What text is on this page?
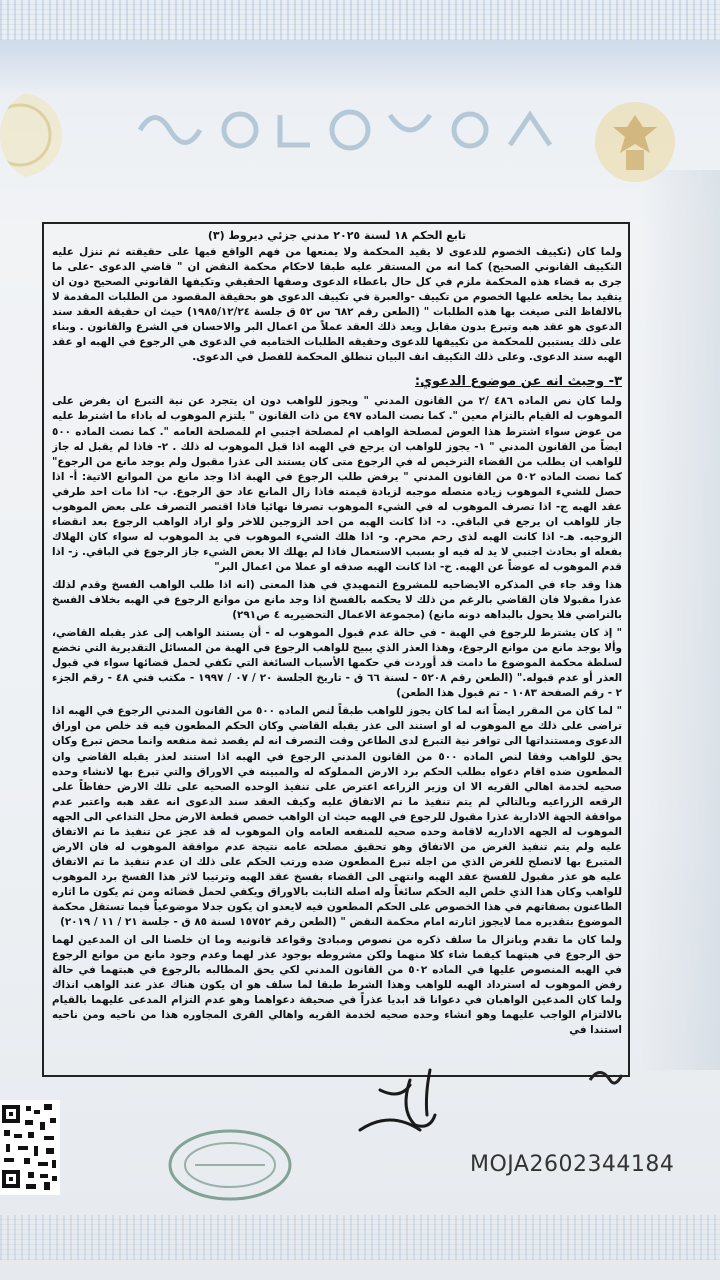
تابع الحكم ١٨ لسنة ٢٠٢٥ مدني جزئي ديروط (٣)

ولما كان (تكييف الخصوم للدعوى لا يقيد المحكمة ولا يمنعها من فهم الواقع فيها على حقيقته ثم تنزل عليه التكييف القانوني الصحيح) كما انه من المستقر عليه طبقا لاحكام محكمة النقض ان " قاضي الدعوى -على ما جرى به قضاء هذه المحكمة ملزم في كل حال باعطاء الدعوى وصفها الحقيقي وتكيفها القانوني الصحيح دون ان يتقيد بما يخلعه عليها الخصوم من تكييف -والعبرة في تكييف الدعوى هو بحقيقة المقصود من الطلبات المقدمة لا بالالفاظ التى صيغت بها هذه الطلبات " (الطعن رقم ٦٨٢ س ٥٢ ق جلسة ١٩٨٥/١٢/٢٤) حيث ان حقيقة العقد سند الدعوى هو عقد هبه وتبرع بدون مقابل ويعد ذلك العقد عملاً من اعمال البر والاحسان في الشرع والقانون . وبناء على ذلك يستبين للمحكمة من تكييفها للدعوى وحقيقه الطلبات الختاميه في الدعوى هي الرجوع في الهبه او عقد الهبه سند الدعوى. وعلى ذلك التكييف انف البيان تنطلق المحكمة للفصل في الدعوى.

٣- وحيث انه عن موضوع الدعوي:

ولما كان نص الماده ٤٨٦ /٢ من القانون المدني " ويجوز للواهب دون ان يتجرد عن نية التبرع ان يفرض على الموهوب له القيام بالتزام معين ". كما نصت الماده ٤٩٧ من ذات القانون " يلتزم الموهوب له باداء ما اشترط عليه من عوض سواء اشترط هذا العوض لمصلحة الواهب ام لمصلحة اجنبي ام للمصلحة العامه ". كما نصت الماده ٥٠٠ ايضاً من القانون المدني " ١- يجوز للواهب ان يرجع في الهبه اذا قبل الموهوب له ذلك . ٢- فاذا لم يقبل له جاز للواهب ان يطلب من القضاء الترخيص له في الرجوع متى كان يستند الى عذرا مقبول ولم يوجد مانع من الرجوع" كما نصت الماده ٥٠٢ من القانون المدني " يرفض طلب الرجوع في الهبة اذا وجد مانع من الموانع الاتية: أ- اذا حصل للشيء الموهوب زياده متصله موجبه لزيادة قيمته فاذا زال المانع عاد حق الرجوع. ب- اذا مات احد طرفي عقد الهبه ج- اذا تصرف الموهوب له في الشيء الموهوب تصرفا نهائيا فاذا اقتصر التصرف على بعض الموهوب جاز للواهب ان يرجع في الباقي. د- اذا كانت الهبه من احد الزوجين للاخر ولو اراد الواهب الرجوع بعد انقضاء الزوجيه. هـ- اذا كانت الهبه لذى رحم محرم. و- اذا هلك الشيء الموهوب في يد الموهوب له سواء كان الهلاك بفعله او بحادث اجنبي لا يد له فيه او بسبب الاستعمال فاذا لم يهلك الا بعض الشيء جاز الرجوع في الباقي. ز- اذا قدم الموهوب له عوضاً عن الهبه. ح- اذا كانت الهبه صدقه او عملا من اعمال البر"

هذا وقد جاء في المذكره الايضاحيه للمشروع التمهيدي في هذا المعنى (انه اذا طلب الواهب الفسخ وقدم لذلك عذرا مقبولا فان القاضي بالرغم من ذلك لا يحكمه بالفسخ اذا وجد مانع من موانع الرجوع في الهبه بخلاف الفسخ بالتراضي فلا يحول بالبداهه دونه مانع) (مجموعة الاعمال التحضيريه ٤ ص٢٩١)

" إذ كان يشترط للرجوع في الهبة - في حالة عدم قبول الموهوب له - أن يستند الواهب إلى عذر يقبله القاضي، وألا يوجد مانع من موانع الرجوع، وهذا العذر الذي يبيح للواهب الرجوع في الهبة من المسائل التقديرية التي تخضع لسلطة محكمة الموضوع ما دامت قد أوردت في حكمها الأسباب السائغة التي تكفي لحمل قضائها سواء في قبول العذر أو عدم قبوله." (الطعن رقم ٥٢٠٨ - لسنة ٦٦ ق - تاريخ الجلسة ٢٠ / ٠٧ / ١٩٩٧ - مكتب فني ٤٨ - رقم الجزء ٢ - رقم الصفحة ١٠٨٣ - تم قبول هذا الطعن)

" لما كان من المقرر ايضاً انه لما كان يجوز للواهب طبقاً لنص الماده ٥٠٠ من القانون المدني الرجوع في الهبه اذا تراضى على ذلك مع الموهوب له او استند الى عذر يقبله القاضي وكان الحكم المطعون فيه قد خلص من اوراق الدعوى ومستنداتها الى توافر نية التبرع لدى الطاعن وقت التصرف انه لم يقصد ثمة منفعه وانما محض تبرع وكان يحق للواهب وفقا لنص الماده ٥٠٠ من القانون المدني الرجوع في الهبه اذا استند لعذر يقبله القاضي وان المطعون ضده اقام دعواه بطلب الحكم برد الارض المملوكه له والمبينه في الاوراق والتي تبرع بها لانشاء وحده صحيه لخدمة اهالي القريه الا ان وزير الزراعه اعترض على تنفيذ الوحده الصحيه على تلك الارض حفاظاً على الرقعه الزراعيه وبالتالي لم يتم تنفيذ ما تم الاتفاق عليه وكيف العقد سند الدعوى انه عقد هبه واعتبر عدم موافقة الجهة الادارية عذرا مقبول للرجوع في الهبه حيث ان الواهب خصص قطعة الارض محل التداعي الى الجهه الموهوب له الجهه الاداريه لاقامة وحده صحيه للمنفعه العامه وان الموهوب له قد عجز عن تنفيذ ما تم الاتفاق عليه ولم يتم تنفيذ الغرض من الاتفاق وهو تحقيق مصلحه عامه نتيجة عدم موافقة الموهوب له فان الارض المتبرع بها لاتصلح للغرض الذي من اجله تبرع المطعون ضده ورتب الحكم على ذلك ان عدم تنفيذ ما تم الاتفاق عليه هو عذر مقبول للفسخ عقد الهبه وانتهى الى القضاء بفسخ عقد الهبه وترتيبا لاثر هذا الفسخ برد الموهوب للواهب وكان هذا الذي خلص اليه الحكم سائغاً وله اصله الثابت بالاوراق ويكفي لحمل قضائه ومن ثم يكون ما اثاره الطاعنون بصفاتهم في هذا الخصوص على الحكم المطعون فيه لايعدو ان يكون جدلا موضوعياً فيما تستقل محكمة الموضوع بتقديره مما لايجوز اثارته امام محكمة النقض " (الطعن رقم ١٥٧٥٢ لسنة ٨٥ ق - جلسة ٢١ / ١١ / ٢٠١٩)

ولما كان ما تقدم وبانزال ما سلف ذكره من نصوص ومبادئ وقواعد قانونيه وما ان خلصنا الى ان المدعين لهما حق الرجوع في هبتهما كيفما شاء كلا منهما ولكن مشروطه بوجود عذر لهما وعدم وجود مانع من موانع الرجوع في الهبه المنصوص عليها في الماده ٥٠٢ من القانون المدني لكي يحق المطالبه بالرجوع في هبتهما في حالة رفض الموهوب له استرداد الهبه للواهب وهذا الشرط طبقا لما سلف هو ان يكون هناك عذر عند الواهب انذاك ولما كان المدعين الواهبان في دعوانا قد ابديا عذراً في صحيفة دعواهما وهو عدم التزام المدعى عليهما بالقيام بالالتزام الواجب عليهما وهو انشاء وحده صحيه لخدمة القريه واهالي القرى المجاوره هذا من ناحيه ومن ناحيه استندا في

MOJA2602344184
